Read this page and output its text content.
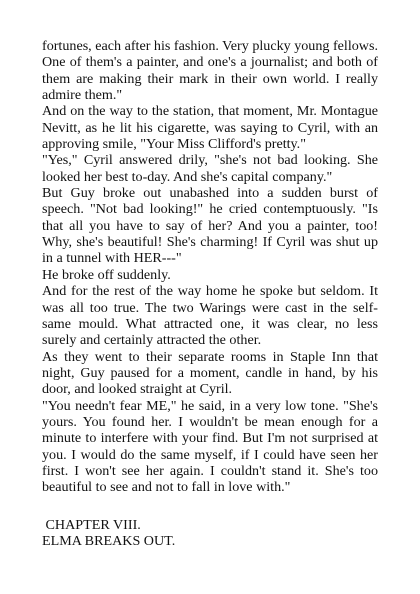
fortunes, each after his fashion. Very plucky young fellows. One of them's a painter, and one's a journalist; and both of them are making their mark in their own world. I really admire them."

And on the way to the station, that moment, Mr. Montague Nevitt, as he lit his cigarette, was saying to Cyril, with an approving smile, "Your Miss Clifford's pretty."

"Yes," Cyril answered drily, "she's not bad looking. She looked her best to-day. And she's capital company."

But Guy broke out unabashed into a sudden burst of speech. "Not bad looking!" he cried contemptuously. "Is that all you have to say of her? And you a painter, too! Why, she's beautiful! She's charming! If Cyril was shut up in a tunnel with HER---"

He broke off suddenly.

And for the rest of the way home he spoke but seldom. It was all too true. The two Warings were cast in the self-same mould. What attracted one, it was clear, no less surely and certainly attracted the other.

As they went to their separate rooms in Staple Inn that night, Guy paused for a moment, candle in hand, by his door, and looked straight at Cyril.

"You needn't fear ME," he said, in a very low tone. "She's yours. You found her. I wouldn't be mean enough for a minute to interfere with your find. But I'm not surprised at you. I would do the same myself, if I could have seen her first. I won't see her again. I couldn't stand it. She's too beautiful to see and not to fall in love with."

CHAPTER VIII.
ELMA BREAKS OUT.
